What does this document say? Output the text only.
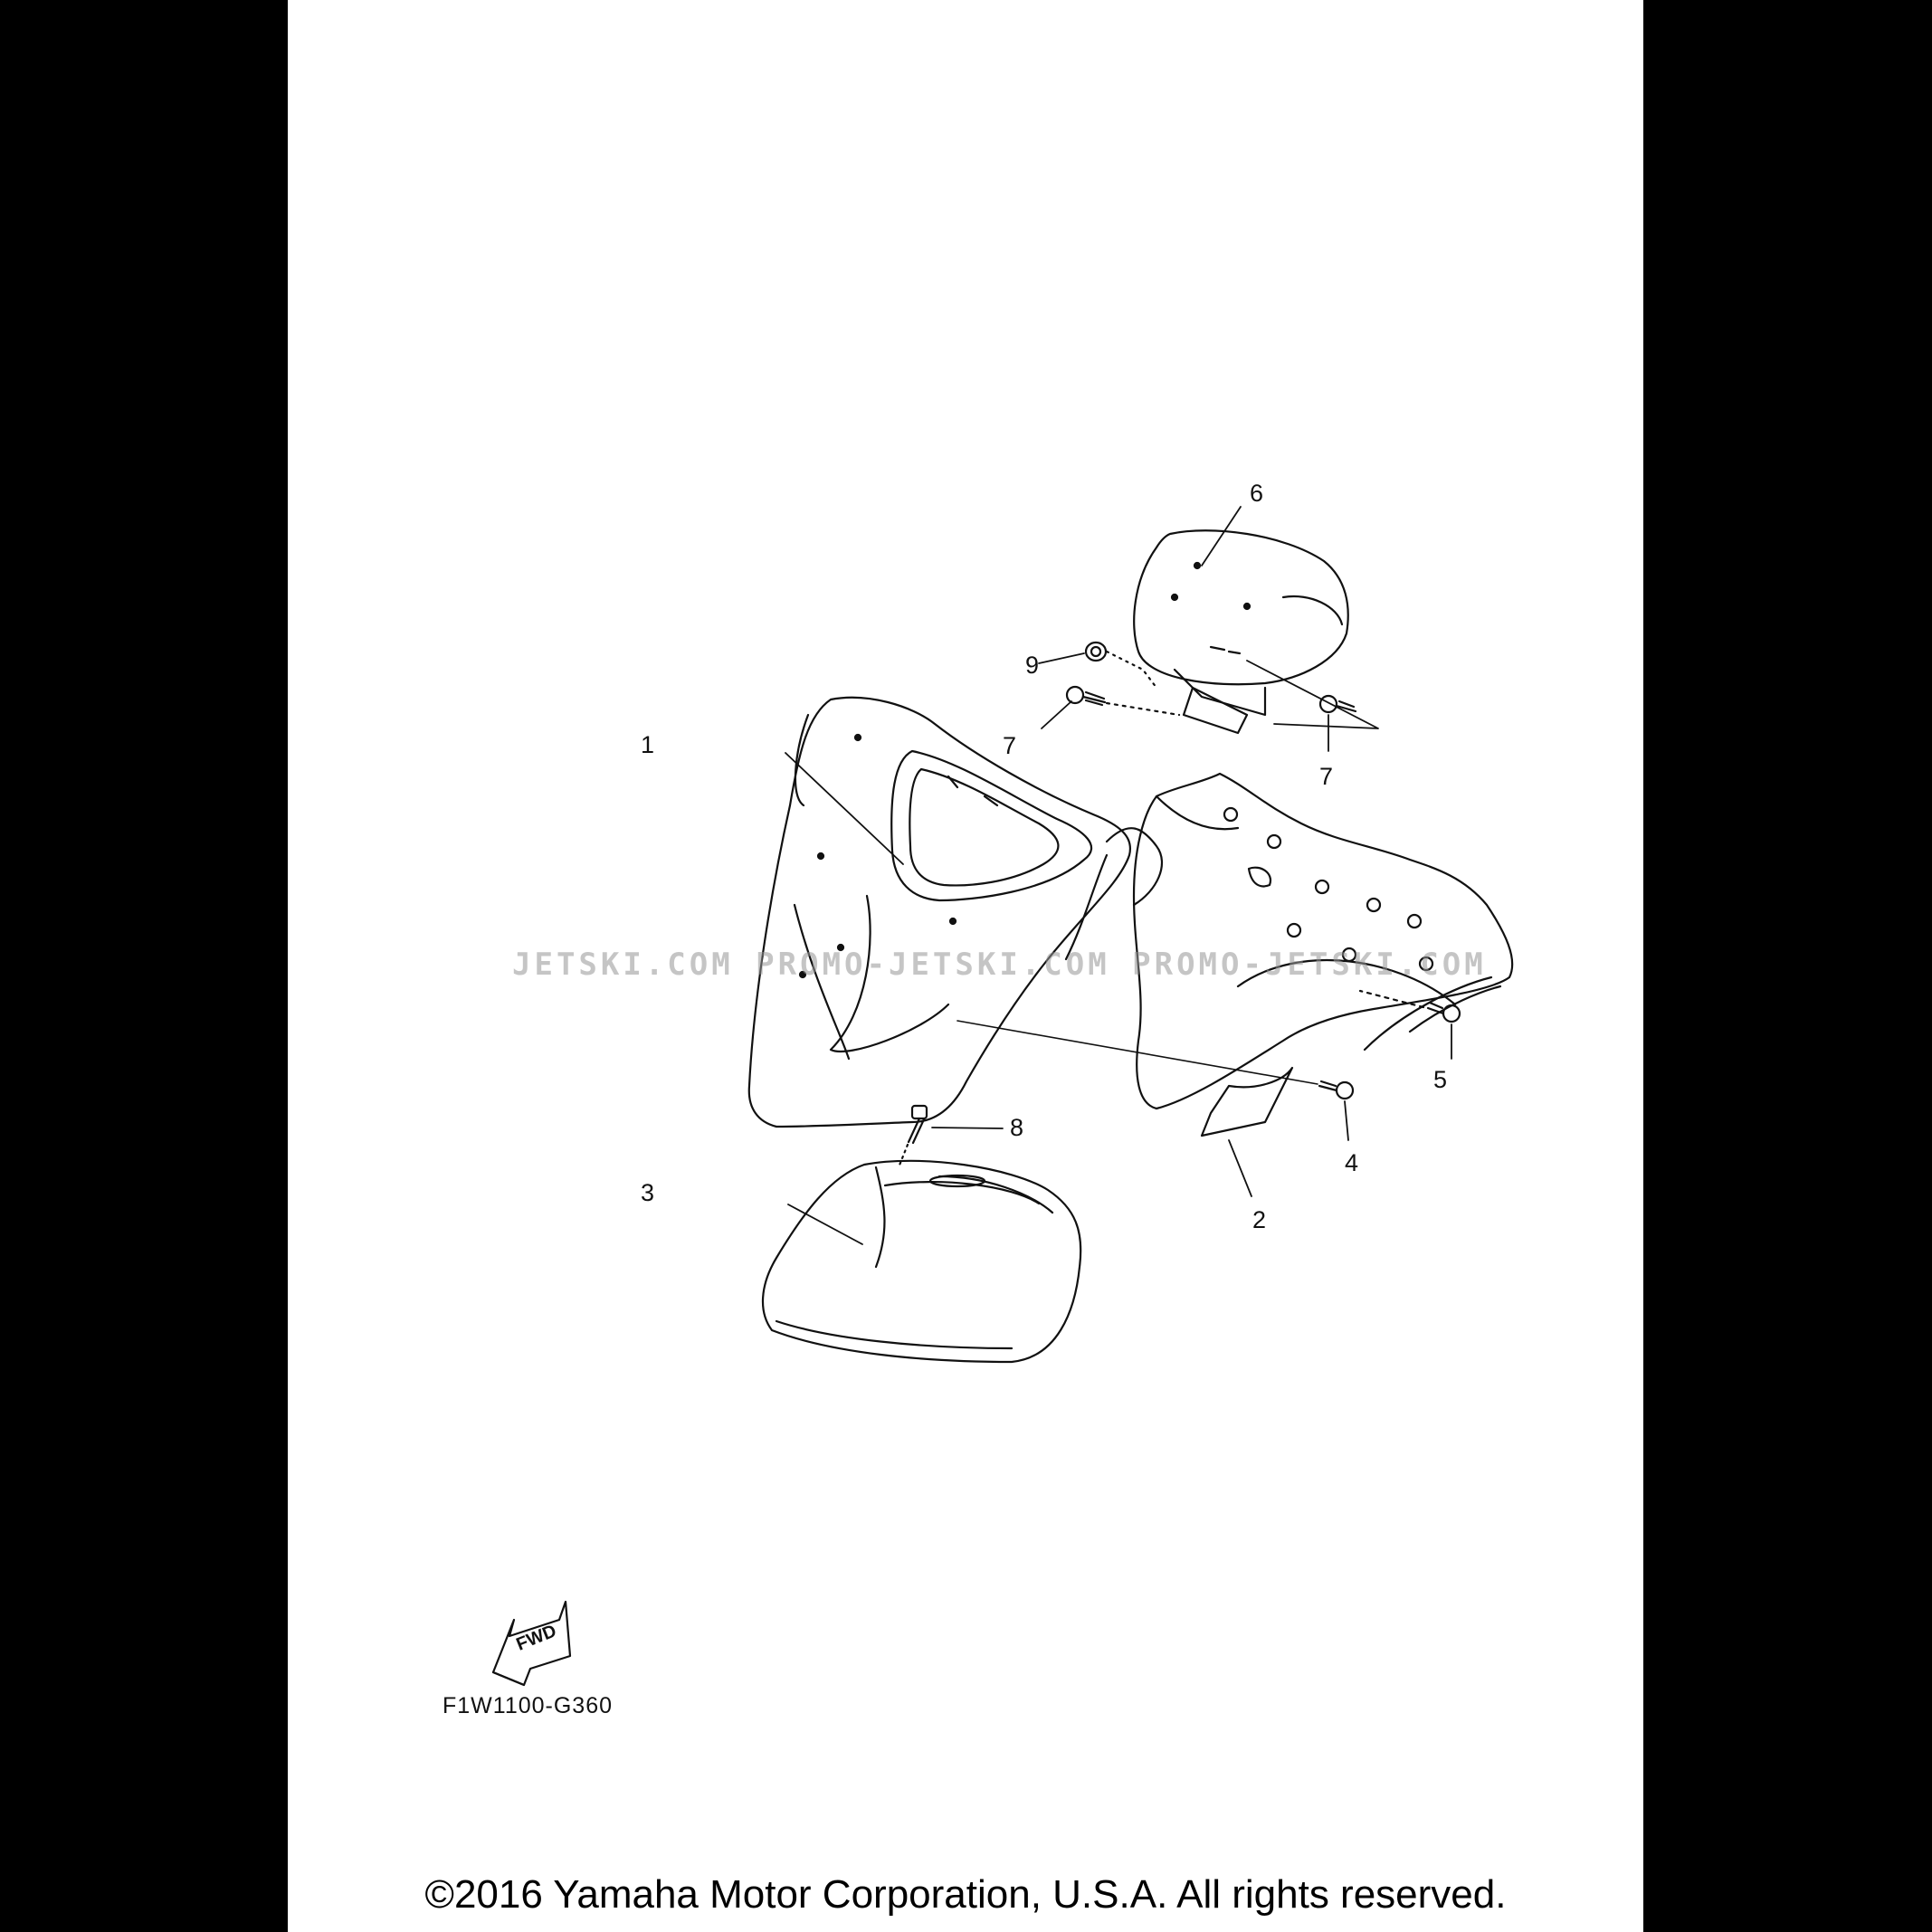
1
2
3
4
5
6
7
7
8
9
FWD
JETSKI.COM PROMO-JETSKI.COM PROMO-JETSKI.COM
F1W1100-G360
©2016 Yamaha Motor Corporation, U.S.A. All rights reserved.
